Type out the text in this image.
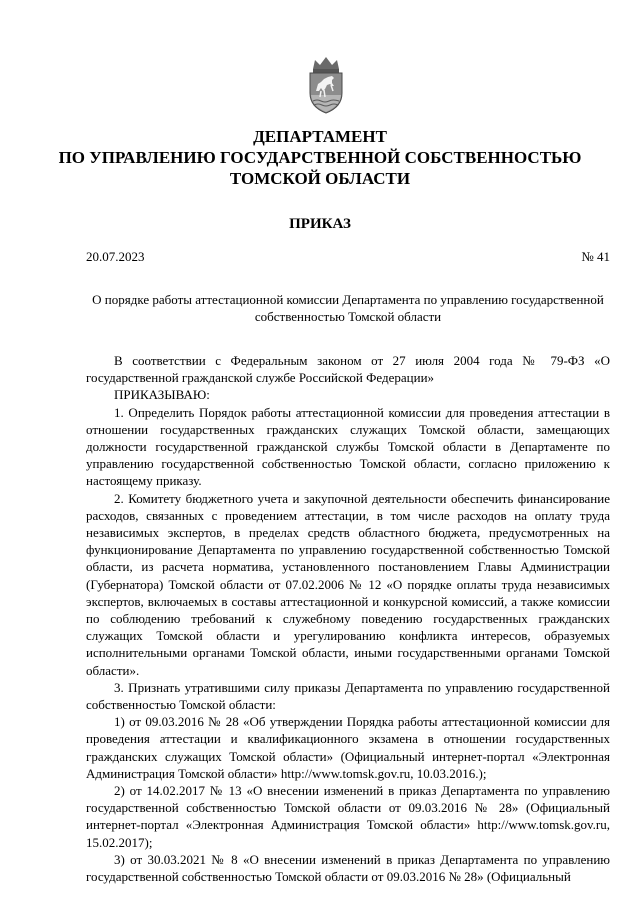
ДЕПАРТАМЕНТ
ПО УПРАВЛЕНИЮ ГОСУДАРСТВЕННОЙ СОБСТВЕННОСТЬЮ
ТОМСКОЙ ОБЛАСТИ
ПРИКАЗ
20.07.2023	№ 41
О порядке работы аттестационной комиссии Департамента по управлению государственной собственностью Томской области

В соответствии с Федеральным законом от 27 июля 2004 года № 79-ФЗ «О государственной гражданской службе Российской Федерации»

ПРИКАЗЫВАЮ:

1. Определить Порядок работы аттестационной комиссии для проведения аттестации в отношении государственных гражданских служащих Томской области, замещающих должности государственной гражданской службы Томской области в Департаменте по управлению государственной собственностью Томской области, согласно приложению к настоящему приказу.

2. Комитету бюджетного учета и закупочной деятельности обеспечить финансирование расходов, связанных с проведением аттестации, в том числе расходов на оплату труда независимых экспертов, в пределах средств областного бюджета, предусмотренных на функционирование Департамента по управлению государственной собственностью Томской области, из расчета норматива, установленного постановлением Главы Администрации (Губернатора) Томской области от 07.02.2006 № 12 «О порядке оплаты труда независимых экспертов, включаемых в составы аттестационной и конкурсной комиссий, а также комиссии по соблюдению требований к служебному поведению государственных гражданских служащих Томской области и урегулированию конфликта интересов, образуемых исполнительными органами Томской области, иными государственными органами Томской области».

3. Признать утратившими силу приказы Департамента по управлению государственной собственностью Томской области:

1) от 09.03.2016 № 28 «Об утверждении Порядка работы аттестационной комиссии для проведения аттестации и квалификационного экзамена в отношении государственных гражданских служащих Томской области» (Официальный интернет-портал «Электронная Администрация Томской области» http://www.tomsk.gov.ru, 10.03.2016.);

2) от 14.02.2017 № 13 «О внесении изменений в приказ Департамента по управлению государственной собственностью Томской области от 09.03.2016 № 28» (Официальный интернет-портал «Электронная Администрация Томской области» http://www.tomsk.gov.ru, 15.02.2017);

3) от 30.03.2021 № 8 «О внесении изменений в приказ Департамента по управлению государственной собственностью Томской области от 09.03.2016 № 28» (Официальный
